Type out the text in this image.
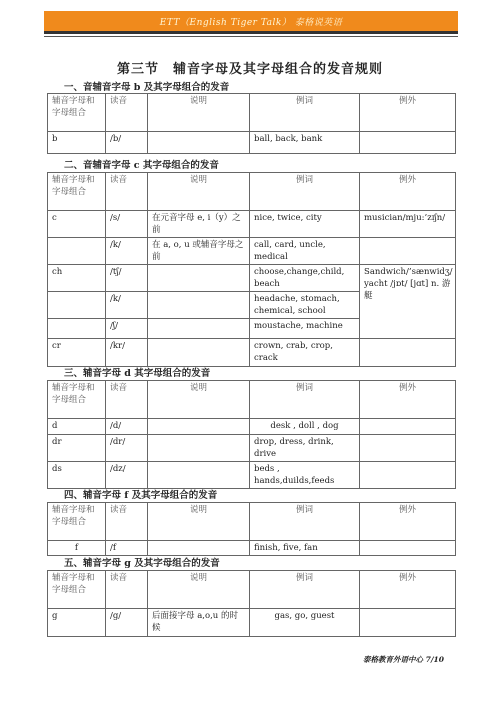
ETT（English Tiger Talk） 泰格说英语
第三节　辅音字母及其字母组合的发音规则
一、音辅音字母 b 及其字母组合的发音
辅音字母和字母组合	读音	说明	例词	例外
b	/b/		ball, back, bank	
二、音辅音字母 c 其字母组合的发音
辅音字母和字母组合	读音	说明	例词	例外
c	/s/	在元音字母 e, i（y）之前	nice, twice, city	musician/mju:’zɪʃn/
	/k/	在 a, o, u 或辅音字母之前	call, card, uncle, medical	
ch	/tʃ/		choose,change,child, beach	Sandwich/’sænwidʒ/ yacht /jɒt/ [jɑt] n. 游艇
	/k/		headache, stomach, chemical, school	
	/ʃ/		moustache, machine	
cr	/kr/		crown, crab, crop, crack	
三、辅音字母 d 其字母组合的发音
辅音字母和字母组合	读音	说明	例词	例外
d	/d/		desk , doll , dog	
dr	/dr/		drop, dress, drink, drive	
ds	/dz/		beds , hands,duilds,feeds	
四、辅音字母 f 及其字母组合的发音
辅音字母和字母组合	读音	说明	例词	例外
f	/f		finish, five, fan	
五、辅音字母 g 及其字母组合的发音
辅音字母和字母组合	读音	说明	例词	例外
g	/g/	后面接字母 a,o,u 的时候	gas, go, guest	
泰格教育外语中心 7/10
